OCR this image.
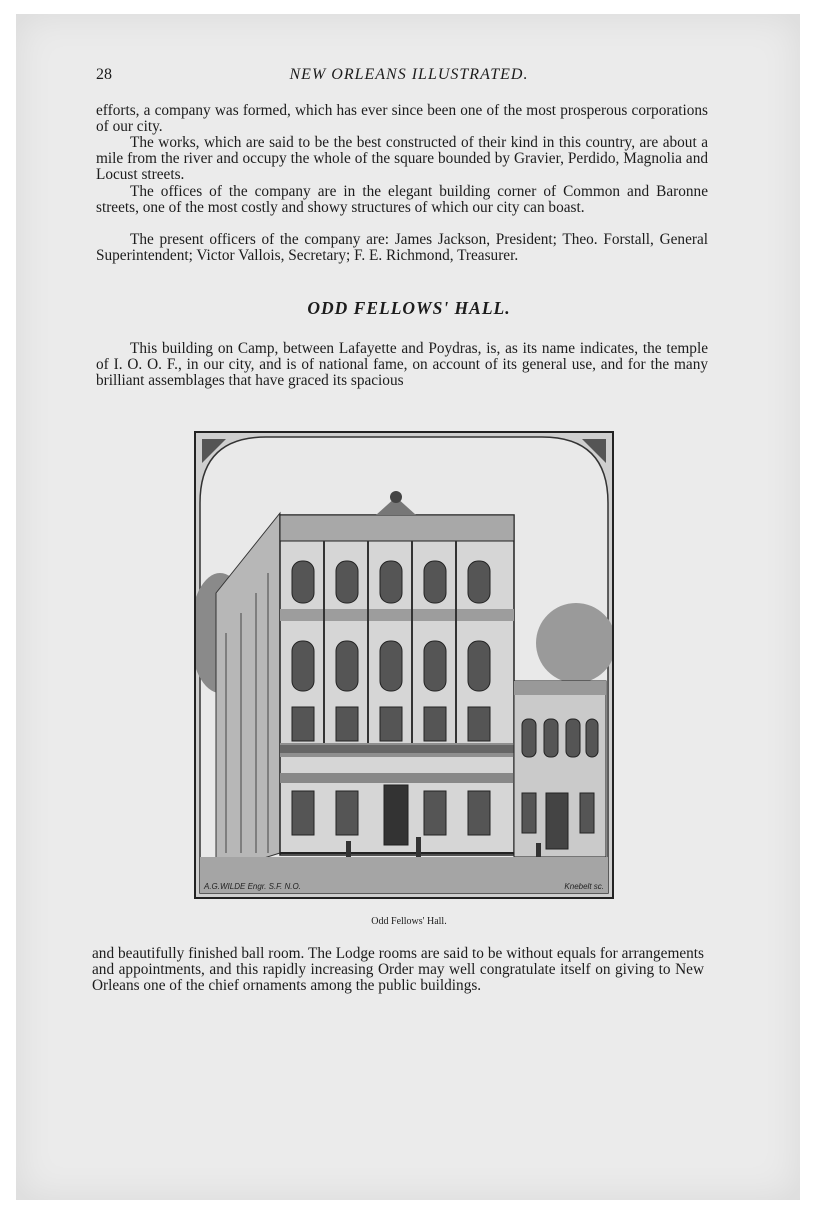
28	NEW ORLEANS ILLUSTRATED.

efforts, a company was formed, which has ever since been one of the most prosperous corporations of our city.

The works, which are said to be the best constructed of their kind in this country, are about a mile from the river and occupy the whole of the square bounded by Gravier, Perdido, Magnolia and Locust streets.

The offices of the company are in the elegant building corner of Common and Baronne streets, one of the most costly and showy structures of which our city can boast.

The present officers of the company are: James Jackson, President; Theo. Forstall, General Superintendent; Victor Vallois, Secretary; F. E. Richmond, Treasurer.

ODD FELLOWS' HALL.

This building on Camp, between Lafayette and Poydras, is, as its name indicates, the temple of I. O. O. F., in our city, and is of national fame, on account of its general use, and for the many brilliant assemblages that have graced its spacious

A.G.WILDE Engr. S.F. N.O.	Knebelt sc.
Odd Fellows' Hall.

and beautifully finished ball room. The Lodge rooms are said to be without equals for arrangements and appointments, and this rapidly increasing Order may well congratulate itself on giving to New Orleans one of the chief ornaments among the public buildings.
